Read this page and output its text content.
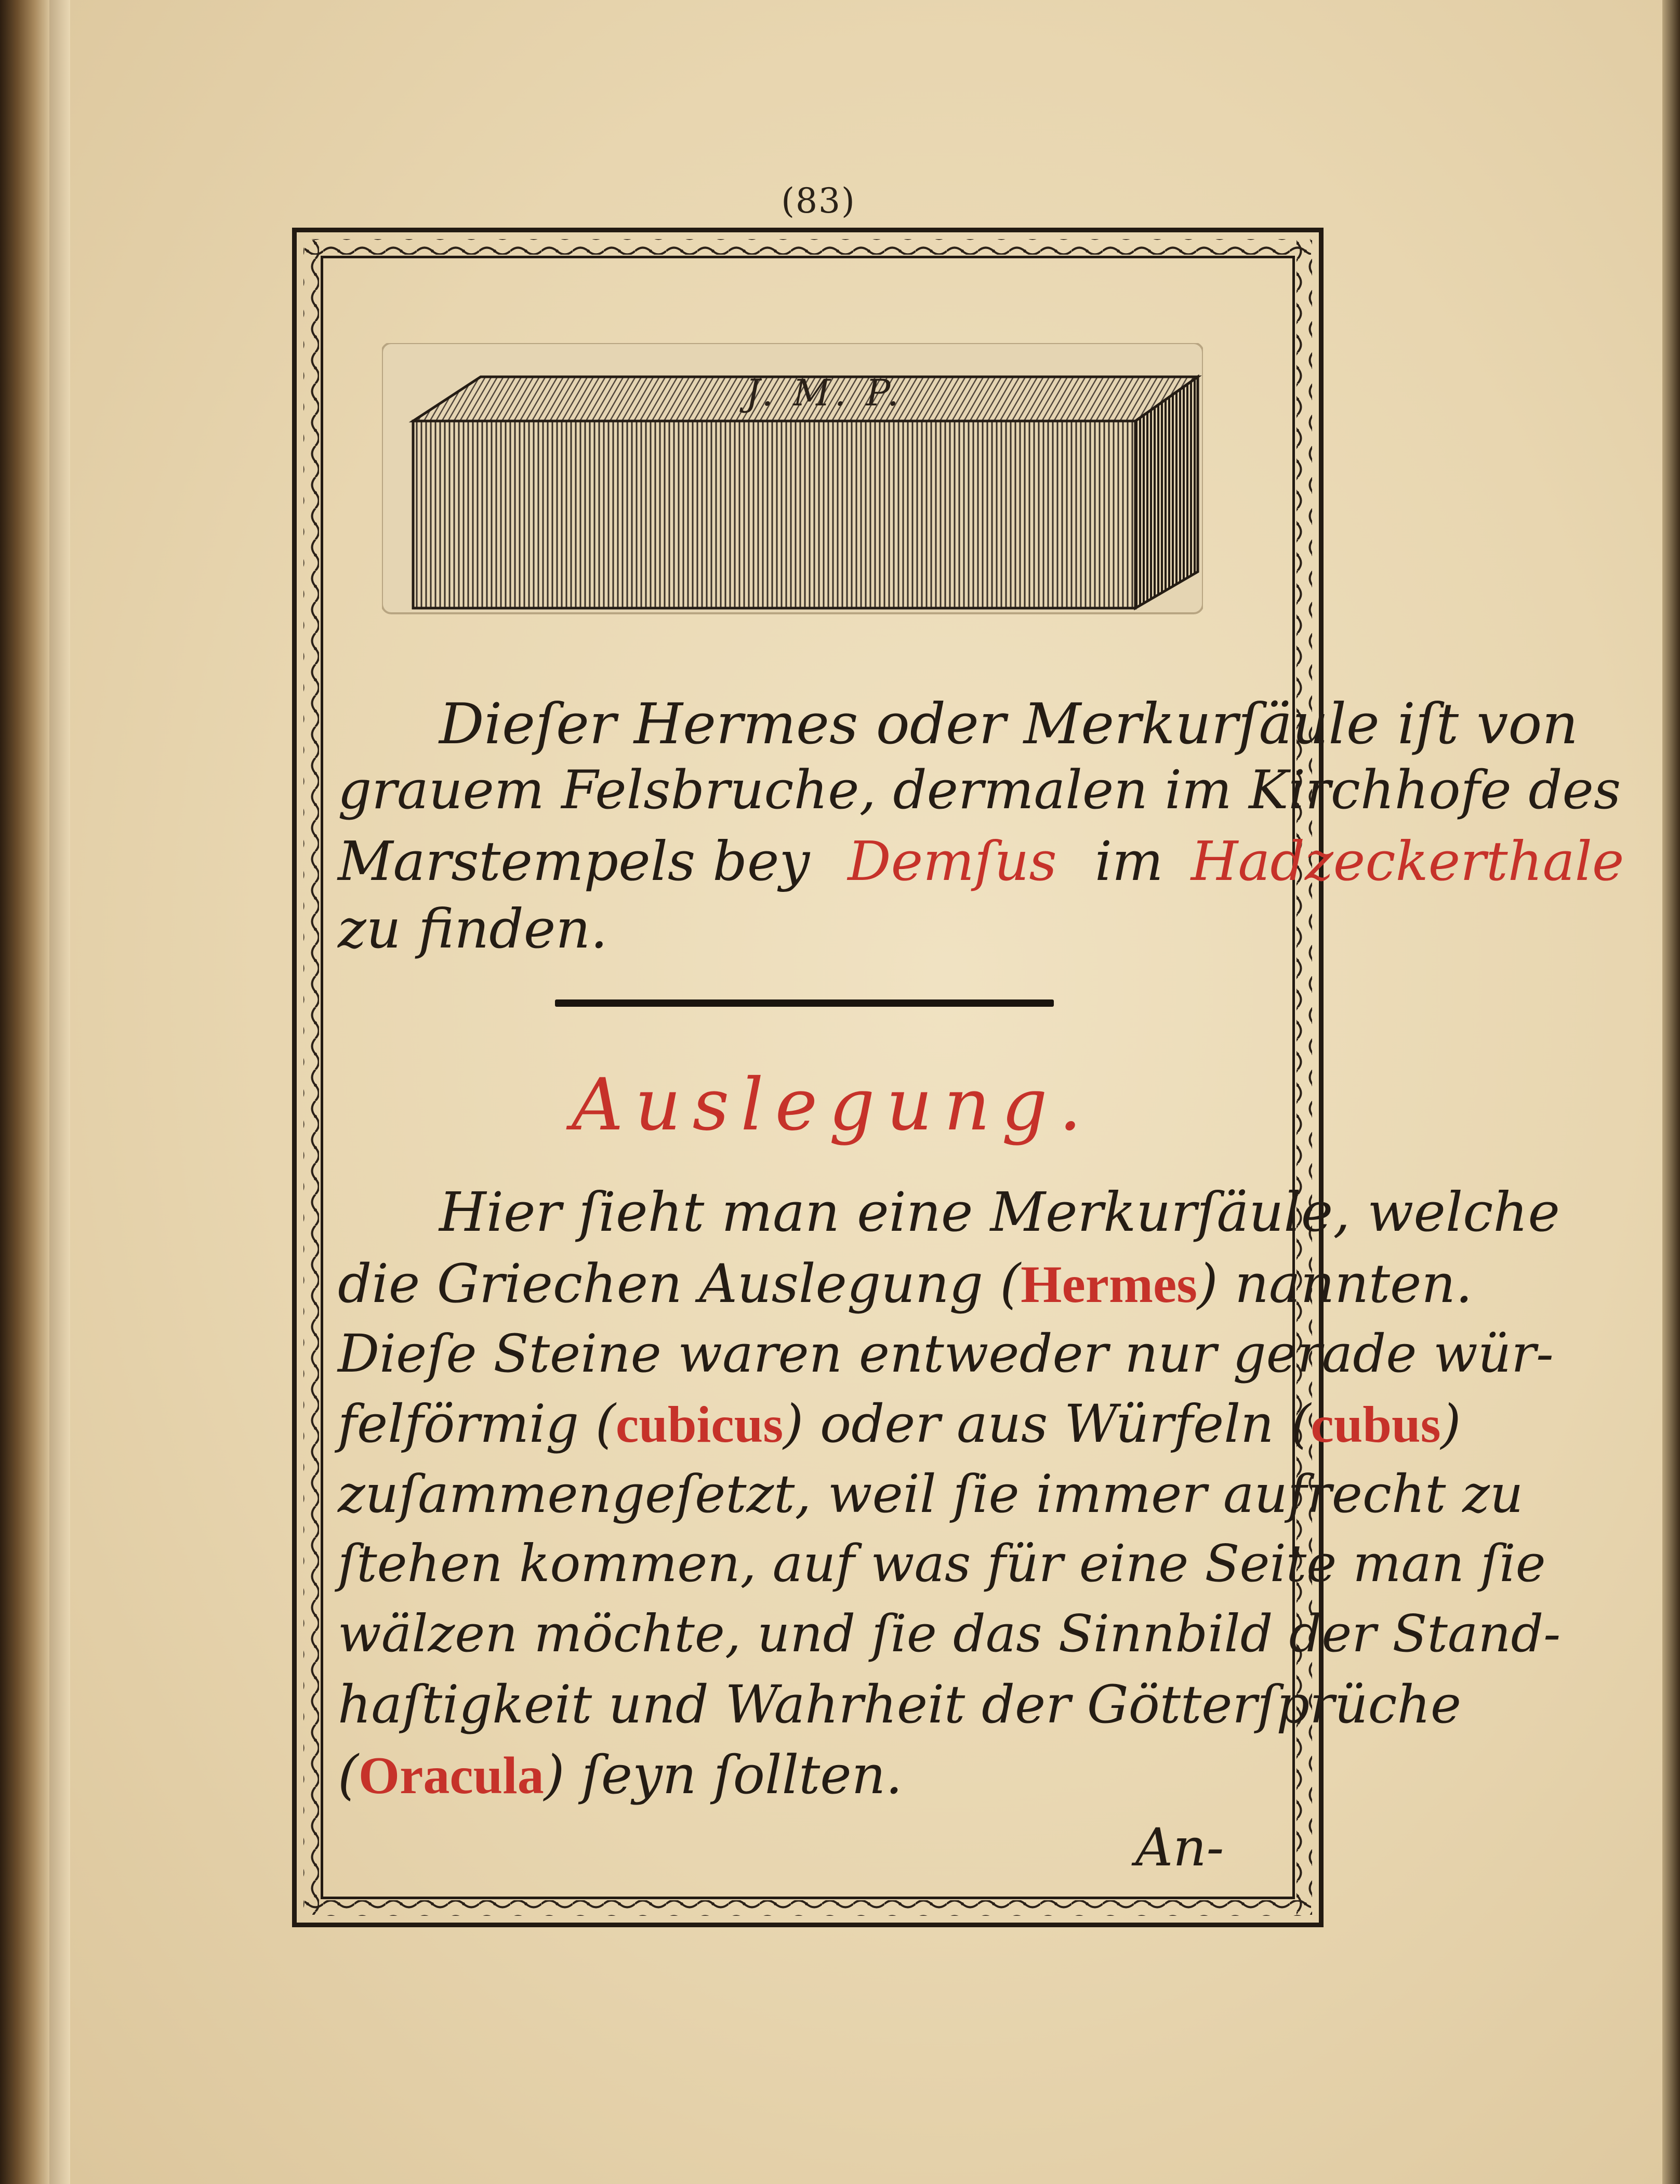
(83)
J. M. P.
Dieſer Hermes oder Merkurſäule iſt von
grauem Felsbruche, dermalen im Kirchhofe des
Marstempels bey Demſus im Hadzeckerthale
zu finden.
Auslegung.
Hier ſieht man eine Merkurſäule, welche
die Griechen Auslegung (Hermes) nannten.
Dieſe Steine waren entweder nur gerade wür-
felförmig (cubicus) oder aus Würfeln (cubus)
zuſammengeſetzt, weil ſie immer aufrecht zu
ſtehen kommen, auf was für eine Seite man ſie
wälzen möchte, und ſie das Sinnbild der Stand-
haſtigkeit und Wahrheit der Götterſprüche
(Oracula) ſeyn ſollten.
An-
